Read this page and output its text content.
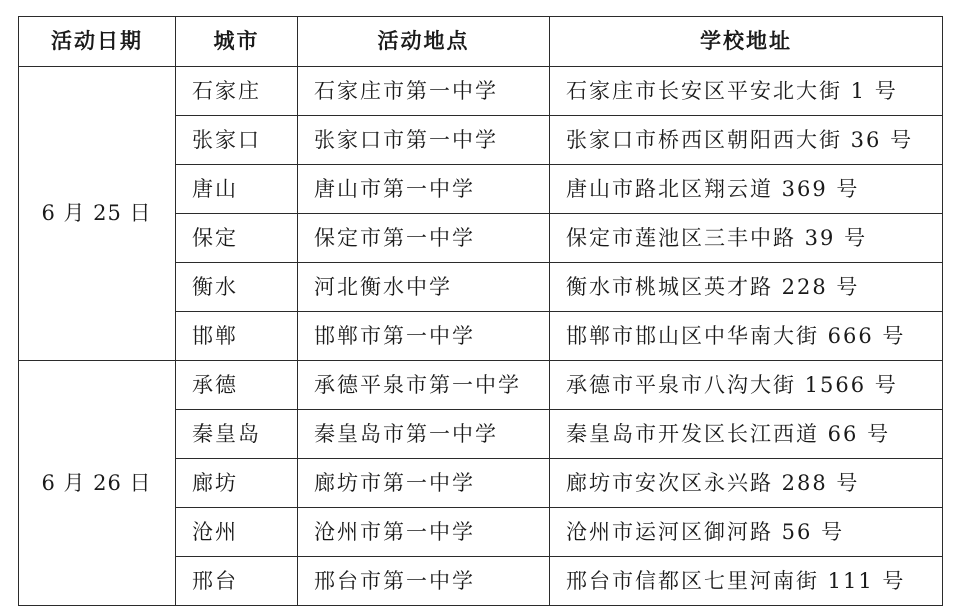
活动日期	城市	活动地点	学校地址
6 月 25 日	石家庄	石家庄市第一中学	石家庄市长安区平安北大街 1 号
	张家口	张家口市第一中学	张家口市桥西区朝阳西大街 36 号
	唐山	唐山市第一中学	唐山市路北区翔云道 369 号
	保定	保定市第一中学	保定市莲池区三丰中路 39 号
	衡水	河北衡水中学	衡水市桃城区英才路 228 号
	邯郸	邯郸市第一中学	邯郸市邯山区中华南大街 666 号
6 月 26 日	承德	承德平泉市第一中学	承德市平泉市八沟大街 1566 号
	秦皇岛	秦皇岛市第一中学	秦皇岛市开发区长江西道 66 号
	廊坊	廊坊市第一中学	廊坊市安次区永兴路 288 号
	沧州	沧州市第一中学	沧州市运河区御河路 56 号
	邢台	邢台市第一中学	邢台市信都区七里河南街 111 号
